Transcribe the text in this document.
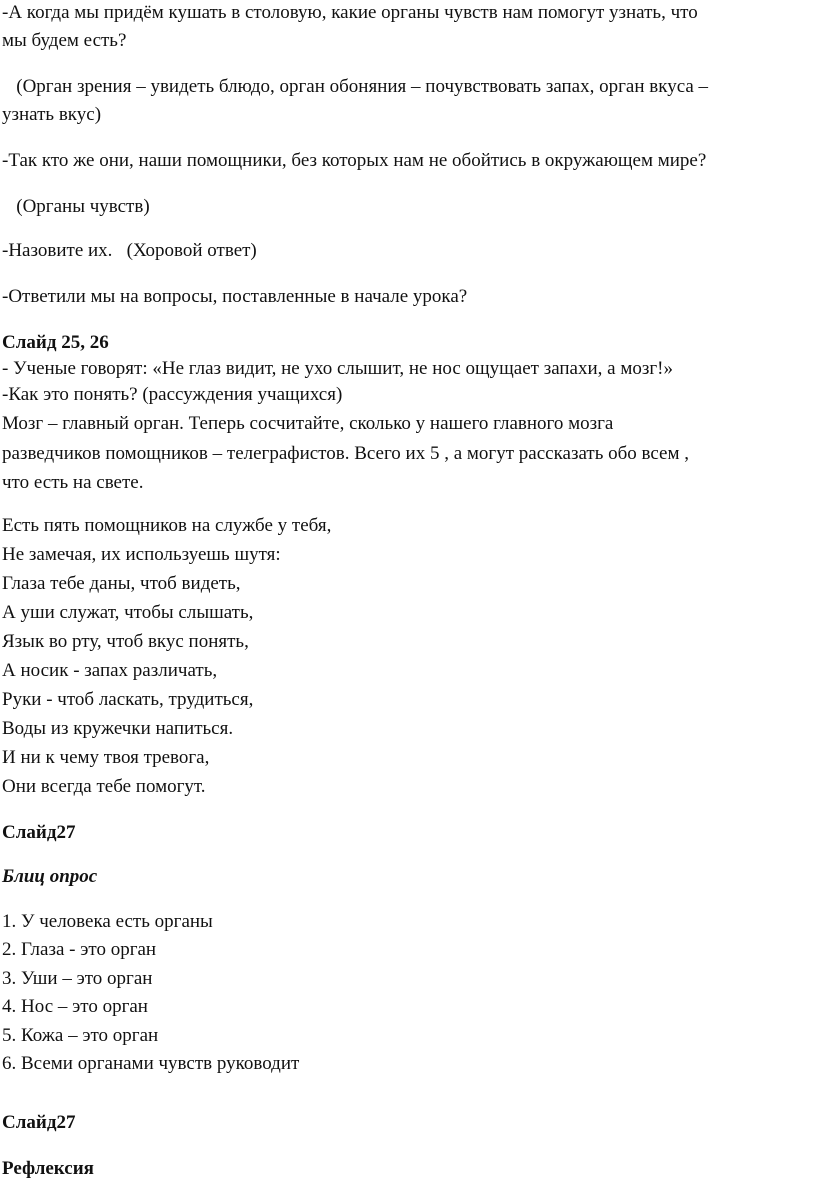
-А когда мы придём кушать в столовую, какие органы чувств нам помогут узнать, что
мы будем есть?
(Орган зрения – увидеть блюдо, орган обоняния – почувствовать запах, орган вкуса –
узнать вкус)
-Так кто же они, наши помощники, без которых нам не обойтись в окружающем мире?
(Органы чувств)
-Назовите их.   (Хоровой ответ)
-Ответили мы на вопросы, поставленные в начале урока?
Слайд 25, 26
- Ученые говорят: «Не глаз видит, не ухо слышит, не нос ощущает запахи, а мозг!»
-Как это понять? (рассуждения учащихся)
Мозг – главный орган. Теперь сосчитайте, сколько у нашего главного мозга
разведчиков помощников – телеграфистов. Всего их 5 , а могут рассказать обо всем ,
что есть на свете.
Есть пять помощников на службе у тебя,
Не замечая, их используешь шутя:
Глаза тебе даны, чтоб видеть,
А уши служат, чтобы слышать,
Язык во рту, чтоб вкус понять,
А носик - запах различать,
Руки - чтоб ласкать, трудиться,
Воды из кружечки напиться.
И ни к чему твоя тревога,
Они всегда тебе помогут.
Слайд27
Блиц опрос
1. У человека есть органы
2. Глаза - это орган
3. Уши – это орган
4. Нос – это орган
5. Кожа – это орган
6. Всеми органами чувств руководит
Слайд27
Рефлексия
